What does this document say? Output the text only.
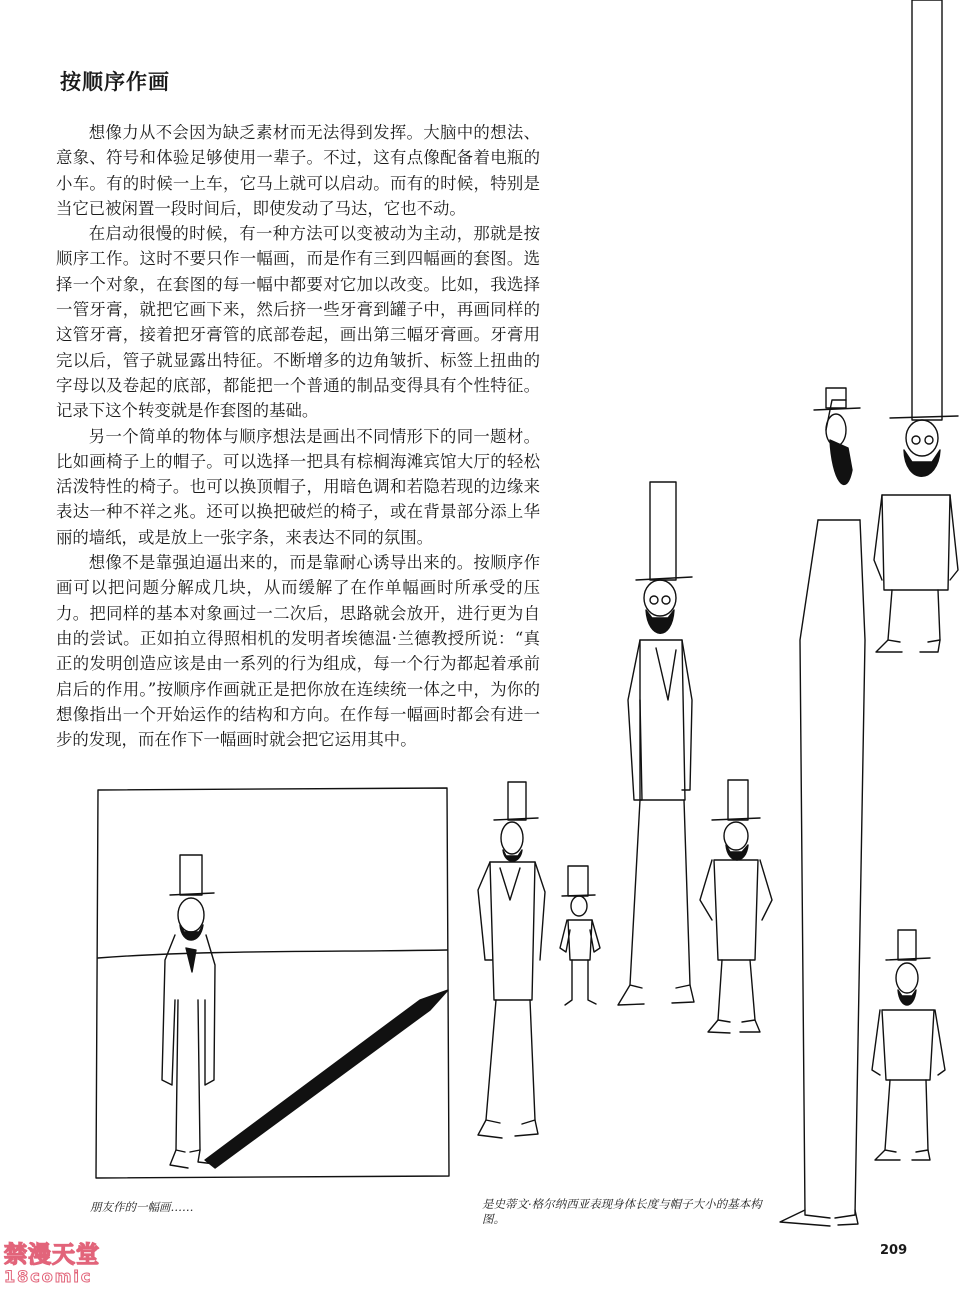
按顺序作画

想像力从不会因为缺乏素材而无法得到发挥。大脑中的想法、意象、符号和体验足够使用一辈子。不过，这有点像配备着电瓶的小车。有的时候一上车，它马上就可以启动。而有的时候，特别是当它已被闲置一段时间后，即使发动了马达，它也不动。

在启动很慢的时候，有一种方法可以变被动为主动，那就是按顺序工作。这时不要只作一幅画，而是作有三到四幅画的套图。选择一个对象，在套图的每一幅中都要对它加以改变。比如，我选择一管牙膏，就把它画下来，然后挤一些牙膏到罐子中，再画同样的这管牙膏，接着把牙膏管的底部卷起，画出第三幅牙膏画。牙膏用完以后，管子就显露出特征。不断增多的边角皱折、标签上扭曲的字母以及卷起的底部，都能把一个普通的制品变得具有个性特征。记录下这个转变就是作套图的基础。

另一个简单的物体与顺序想法是画出不同情形下的同一题材。比如画椅子上的帽子。可以选择一把具有棕榈海滩宾馆大厅的轻松活泼特性的椅子。也可以换顶帽子，用暗色调和若隐若现的边缘来表达一种不祥之兆。还可以换把破烂的椅子，或在背景部分添上华丽的墙纸，或是放上一张字条，来表达不同的氛围。

想像不是靠强迫逼出来的，而是靠耐心诱导出来的。按顺序作画可以把问题分解成几块，从而缓解了在作单幅画时所承受的压力。把同样的基本对象画过一二次后，思路就会放开，进行更为自由的尝试。正如拍立得照相机的发明者埃德温·兰德教授所说：“真正的发明创造应该是由一系列的行为组成，每一个行为都起着承前启后的作用。”按顺序作画就正是把你放在连续统一体之中，为你的想像指出一个开始运作的结构和方向。在作每一幅画时都会有进一步的发现，而在作下一幅画时就会把它运用其中。

朋友作的一幅画……	是史蒂文·格尔纳西亚表现身体长度与帽子大小的基本构图。
209
禁漫天堂
18comic
